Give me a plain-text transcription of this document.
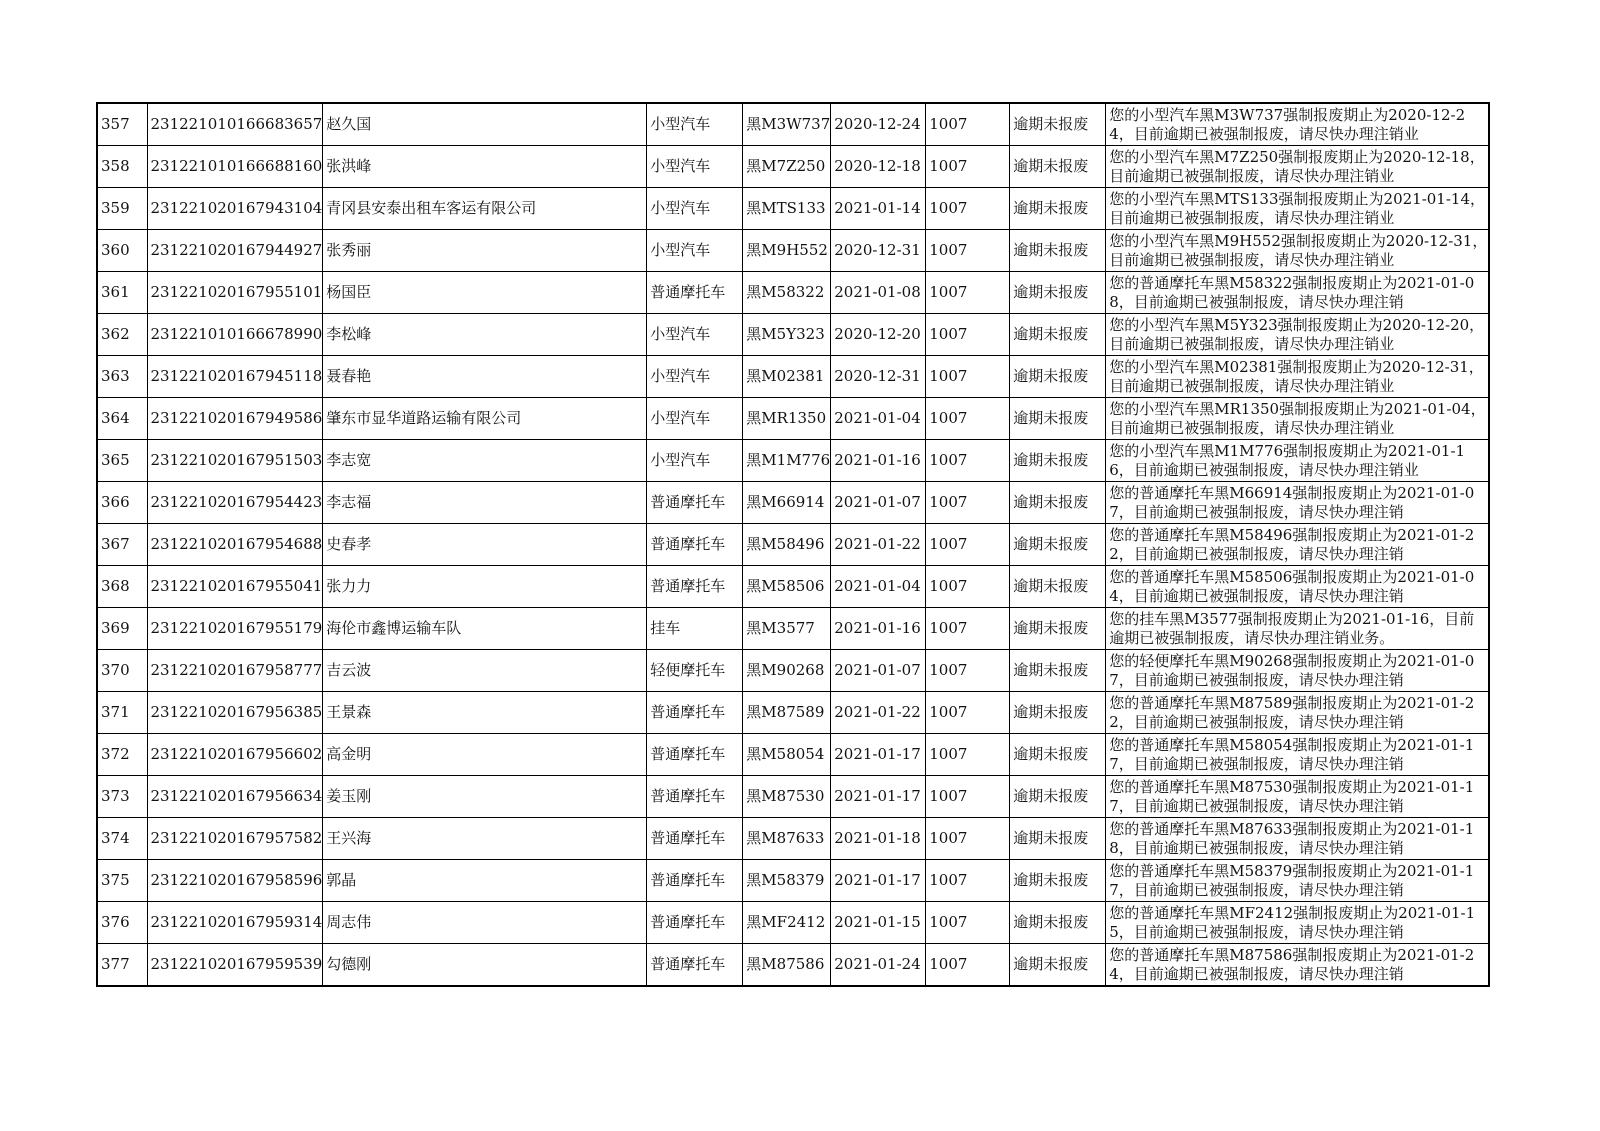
357	231221010166683657	赵久国	小型汽车	黑M3W737	2020-12-24	1007	逾期未报废	您的小型汽车黑M3W737强制报废期止为2020-12-24，目前逾期已被强制报废，请尽快办理注销业
358	231221010166688160	张洪峰	小型汽车	黑M7Z250	2020-12-18	1007	逾期未报废	您的小型汽车黑M7Z250强制报废期止为2020-12-18，目前逾期已被强制报废，请尽快办理注销业
359	231221020167943104	青冈县安泰出租车客运有限公司	小型汽车	黑MTS133	2021-01-14	1007	逾期未报废	您的小型汽车黑MTS133强制报废期止为2021-01-14，目前逾期已被强制报废，请尽快办理注销业
360	231221020167944927	张秀丽	小型汽车	黑M9H552	2020-12-31	1007	逾期未报废	您的小型汽车黑M9H552强制报废期止为2020-12-31，目前逾期已被强制报废，请尽快办理注销业
361	231221020167955101	杨国臣	普通摩托车	黑M58322	2021-01-08	1007	逾期未报废	您的普通摩托车黑M58322强制报废期止为2021-01-08，目前逾期已被强制报废，请尽快办理注销
362	231221010166678990	李松峰	小型汽车	黑M5Y323	2020-12-20	1007	逾期未报废	您的小型汽车黑M5Y323强制报废期止为2020-12-20，目前逾期已被强制报废，请尽快办理注销业
363	231221020167945118	聂春艳	小型汽车	黑M02381	2020-12-31	1007	逾期未报废	您的小型汽车黑M02381强制报废期止为2020-12-31，目前逾期已被强制报废，请尽快办理注销业
364	231221020167949586	肇东市显华道路运输有限公司	小型汽车	黑MR1350	2021-01-04	1007	逾期未报废	您的小型汽车黑MR1350强制报废期止为2021-01-04，目前逾期已被强制报废，请尽快办理注销业
365	231221020167951503	李志宽	小型汽车	黑M1M776	2021-01-16	1007	逾期未报废	您的小型汽车黑M1M776强制报废期止为2021-01-16，目前逾期已被强制报废，请尽快办理注销业
366	231221020167954423	李志福	普通摩托车	黑M66914	2021-01-07	1007	逾期未报废	您的普通摩托车黑M66914强制报废期止为2021-01-07，目前逾期已被强制报废，请尽快办理注销
367	231221020167954688	史春孝	普通摩托车	黑M58496	2021-01-22	1007	逾期未报废	您的普通摩托车黑M58496强制报废期止为2021-01-22，目前逾期已被强制报废，请尽快办理注销
368	231221020167955041	张力力	普通摩托车	黑M58506	2021-01-04	1007	逾期未报废	您的普通摩托车黑M58506强制报废期止为2021-01-04，目前逾期已被强制报废，请尽快办理注销
369	231221020167955179	海伦市鑫博运输车队	挂车	黑M3577	2021-01-16	1007	逾期未报废	您的挂车黑M3577强制报废期止为2021-01-16，目前逾期已被强制报废，请尽快办理注销业务。
370	231221020167958777	吉云波	轻便摩托车	黑M90268	2021-01-07	1007	逾期未报废	您的轻便摩托车黑M90268强制报废期止为2021-01-07，目前逾期已被强制报废，请尽快办理注销
371	231221020167956385	王景森	普通摩托车	黑M87589	2021-01-22	1007	逾期未报废	您的普通摩托车黑M87589强制报废期止为2021-01-22，目前逾期已被强制报废，请尽快办理注销
372	231221020167956602	高金明	普通摩托车	黑M58054	2021-01-17	1007	逾期未报废	您的普通摩托车黑M58054强制报废期止为2021-01-17，目前逾期已被强制报废，请尽快办理注销
373	231221020167956634	姜玉刚	普通摩托车	黑M87530	2021-01-17	1007	逾期未报废	您的普通摩托车黑M87530强制报废期止为2021-01-17，目前逾期已被强制报废，请尽快办理注销
374	231221020167957582	王兴海	普通摩托车	黑M87633	2021-01-18	1007	逾期未报废	您的普通摩托车黑M87633强制报废期止为2021-01-18，目前逾期已被强制报废，请尽快办理注销
375	231221020167958596	郭晶	普通摩托车	黑M58379	2021-01-17	1007	逾期未报废	您的普通摩托车黑M58379强制报废期止为2021-01-17，目前逾期已被强制报废，请尽快办理注销
376	231221020167959314	周志伟	普通摩托车	黑MF2412	2021-01-15	1007	逾期未报废	您的普通摩托车黑MF2412强制报废期止为2021-01-15，目前逾期已被强制报废，请尽快办理注销
377	231221020167959539	勾德刚	普通摩托车	黑M87586	2021-01-24	1007	逾期未报废	您的普通摩托车黑M87586强制报废期止为2021-01-24，目前逾期已被强制报废，请尽快办理注销
